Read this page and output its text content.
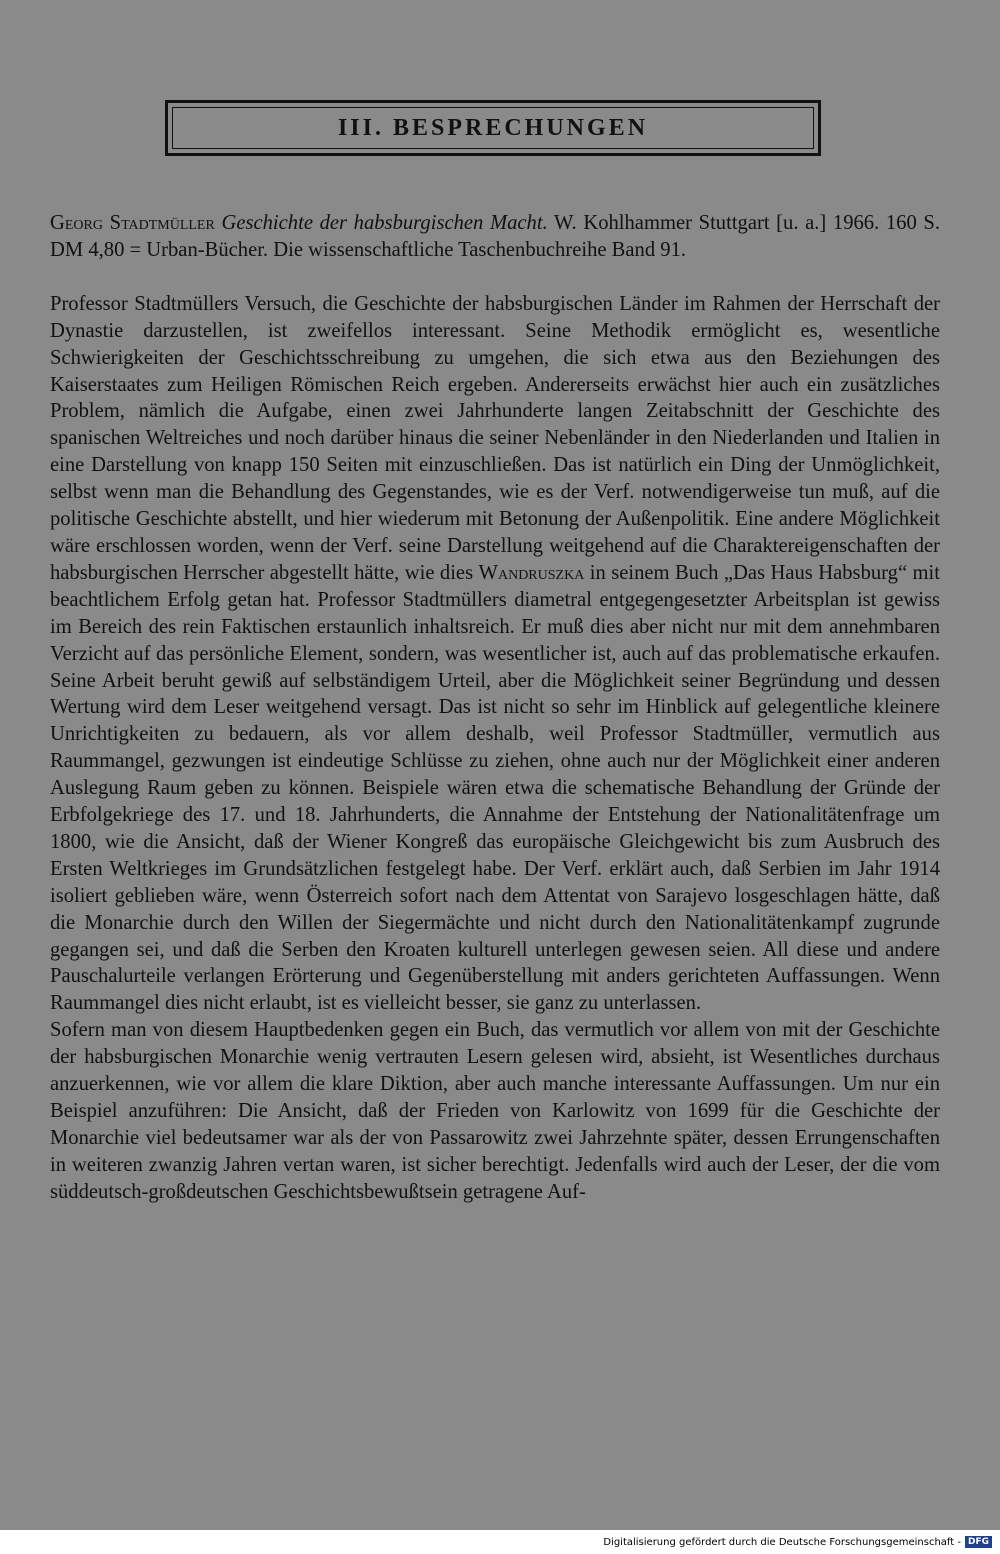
III. BESPRECHUNGEN

Georg Stadtmüller Geschichte der habsburgischen Macht. W. Kohlhammer Stuttgart [u. a.] 1966. 160 S. DM 4,80 = Urban-Bücher. Die wissenschaftliche Taschenbuchreihe Band 91.

Professor Stadtmüllers Versuch, die Geschichte der habsburgischen Länder im Rahmen der Herrschaft der Dynastie darzustellen, ist zweifellos interessant. Seine Methodik ermöglicht es, wesentliche Schwierigkeiten der Geschichtsschreibung zu umgehen, die sich etwa aus den Beziehungen des Kaiserstaates zum Heiligen Römischen Reich ergeben. Andererseits erwächst hier auch ein zusätzliches Problem, nämlich die Aufgabe, einen zwei Jahrhunderte langen Zeitabschnitt der Geschichte des spanischen Weltreiches und noch darüber hinaus die seiner Nebenländer in den Niederlanden und Italien in eine Darstellung von knapp 150 Seiten mit einzuschließen. Das ist natürlich ein Ding der Unmöglichkeit, selbst wenn man die Behandlung des Gegenstandes, wie es der Verf. notwendigerweise tun muß, auf die politische Geschichte abstellt, und hier wiederum mit Betonung der Außenpolitik. Eine andere Möglichkeit wäre erschlossen worden, wenn der Verf. seine Darstellung weitgehend auf die Charaktereigenschaften der habsburgischen Herrscher abgestellt hätte, wie dies Wandruszka in seinem Buch „Das Haus Habsburg“ mit beachtlichem Erfolg getan hat. Professor Stadtmüllers diametral entgegengesetzter Arbeitsplan ist gewiss im Bereich des rein Faktischen erstaunlich inhaltsreich. Er muß dies aber nicht nur mit dem annehmbaren Verzicht auf das persönliche Element, sondern, was wesentlicher ist, auch auf das problematische erkaufen. Seine Arbeit beruht gewiß auf selbständigem Urteil, aber die Möglichkeit seiner Begründung und dessen Wertung wird dem Leser weitgehend versagt. Das ist nicht so sehr im Hinblick auf gelegentliche kleinere Unrichtigkeiten zu bedauern, als vor allem deshalb, weil Professor Stadtmüller, vermutlich aus Raummangel, gezwungen ist eindeutige Schlüsse zu ziehen, ohne auch nur der Möglichkeit einer anderen Auslegung Raum geben zu können. Beispiele wären etwa die schematische Behandlung der Gründe der Erbfolgekriege des 17. und 18. Jahrhunderts, die Annahme der Entstehung der Nationalitätenfrage um 1800, wie die Ansicht, daß der Wiener Kongreß das europäische Gleichgewicht bis zum Ausbruch des Ersten Weltkrieges im Grundsätzlichen festgelegt habe. Der Verf. erklärt auch, daß Serbien im Jahr 1914 isoliert geblieben wäre, wenn Österreich sofort nach dem Attentat von Sarajevo losgeschlagen hätte, daß die Monarchie durch den Willen der Siegermächte und nicht durch den Nationalitätenkampf zugrunde gegangen sei, und daß die Serben den Kroaten kulturell unterlegen gewesen seien. All diese und andere Pauschalurteile verlangen Erörterung und Gegenüberstellung mit anders gerichteten Auffassungen. Wenn Raummangel dies nicht erlaubt, ist es vielleicht besser, sie ganz zu unterlassen.

Sofern man von diesem Hauptbedenken gegen ein Buch, das vermutlich vor allem von mit der Geschichte der habsburgischen Monarchie wenig vertrauten Lesern gelesen wird, absieht, ist Wesentliches durchaus anzuerkennen, wie vor allem die klare Diktion, aber auch manche interessante Auffassungen. Um nur ein Beispiel anzuführen: Die Ansicht, daß der Frieden von Karlowitz von 1699 für die Geschichte der Monarchie viel bedeutsamer war als der von Passarowitz zwei Jahrzehnte später, dessen Errungenschaften in weiteren zwanzig Jahren vertan waren, ist sicher berechtigt. Jedenfalls wird auch der Leser, der die vom süddeutsch-großdeutschen Geschichtsbewußtsein getragene Auf-

Digitalisierung gefördert durch die Deutsche Forschungsgemeinschaft - DFG
